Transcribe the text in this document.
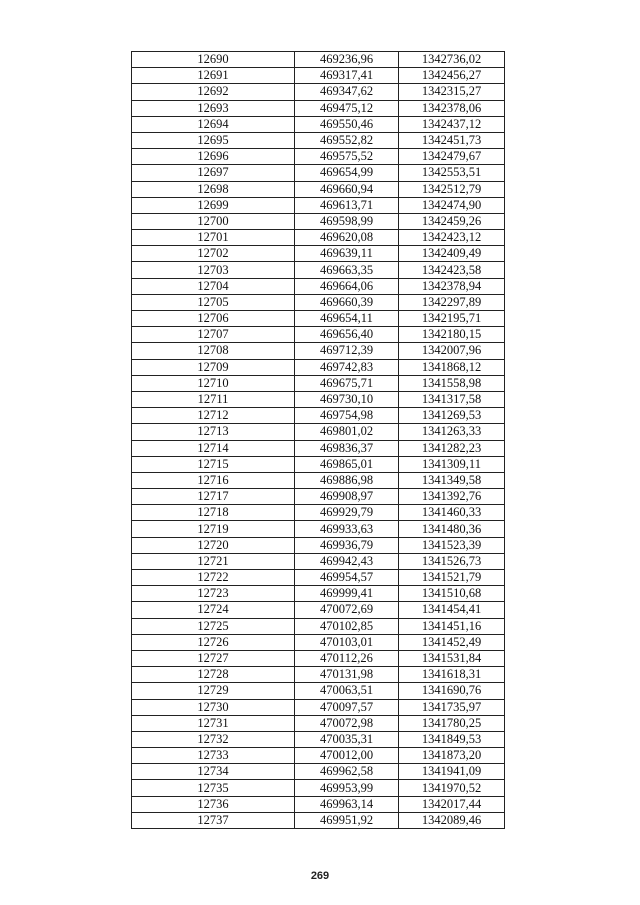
12690	469236,96	1342736,02
12691	469317,41	1342456,27
12692	469347,62	1342315,27
12693	469475,12	1342378,06
12694	469550,46	1342437,12
12695	469552,82	1342451,73
12696	469575,52	1342479,67
12697	469654,99	1342553,51
12698	469660,94	1342512,79
12699	469613,71	1342474,90
12700	469598,99	1342459,26
12701	469620,08	1342423,12
12702	469639,11	1342409,49
12703	469663,35	1342423,58
12704	469664,06	1342378,94
12705	469660,39	1342297,89
12706	469654,11	1342195,71
12707	469656,40	1342180,15
12708	469712,39	1342007,96
12709	469742,83	1341868,12
12710	469675,71	1341558,98
12711	469730,10	1341317,58
12712	469754,98	1341269,53
12713	469801,02	1341263,33
12714	469836,37	1341282,23
12715	469865,01	1341309,11
12716	469886,98	1341349,58
12717	469908,97	1341392,76
12718	469929,79	1341460,33
12719	469933,63	1341480,36
12720	469936,79	1341523,39
12721	469942,43	1341526,73
12722	469954,57	1341521,79
12723	469999,41	1341510,68
12724	470072,69	1341454,41
12725	470102,85	1341451,16
12726	470103,01	1341452,49
12727	470112,26	1341531,84
12728	470131,98	1341618,31
12729	470063,51	1341690,76
12730	470097,57	1341735,97
12731	470072,98	1341780,25
12732	470035,31	1341849,53
12733	470012,00	1341873,20
12734	469962,58	1341941,09
12735	469953,99	1341970,52
12736	469963,14	1342017,44
12737	469951,92	1342089,46
269
